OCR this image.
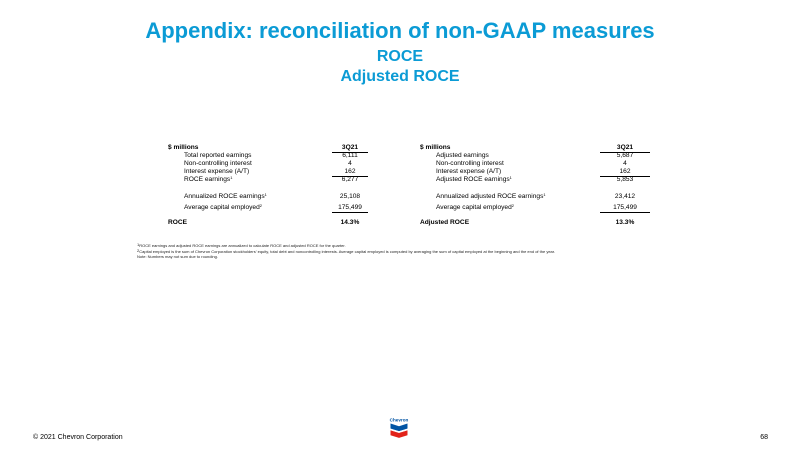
Appendix: reconciliation of non-GAAP measures
ROCE
Adjusted ROCE
$ millions	3Q21
Total reported earnings	6,111
Non-controlling interest	4
Interest expense (A/T)	162
ROCE earnings$^1$	6,277
Annualized ROCE earnings$^1$	25,108
Average capital employed$^2$	175,499
ROCE	14.3%
$ millions	3Q21
Adjusted earnings	5,687
Non-controlling interest	4
Interest expense (A/T)	162
Adjusted ROCE earnings$^1$	5,853
Annualized adjusted ROCE earnings$^1$	23,412
Average capital employed$^2$	175,499
Adjusted ROCE	13.3%

$^1$ROCE earnings and adjusted ROCE earnings are annualized to calculate ROCE and adjusted ROCE for the quarter.

$^2$Capital employed is the sum of Chevron Corporation stockholders' equity, total debt and noncontrolling interests. Average capital employed is computed by averaging the sum of capital employed at the beginning and the end of the year.

Note: Numbers may not sum due to rounding.

Chevron
© 2021 Chevron Corporation	68
